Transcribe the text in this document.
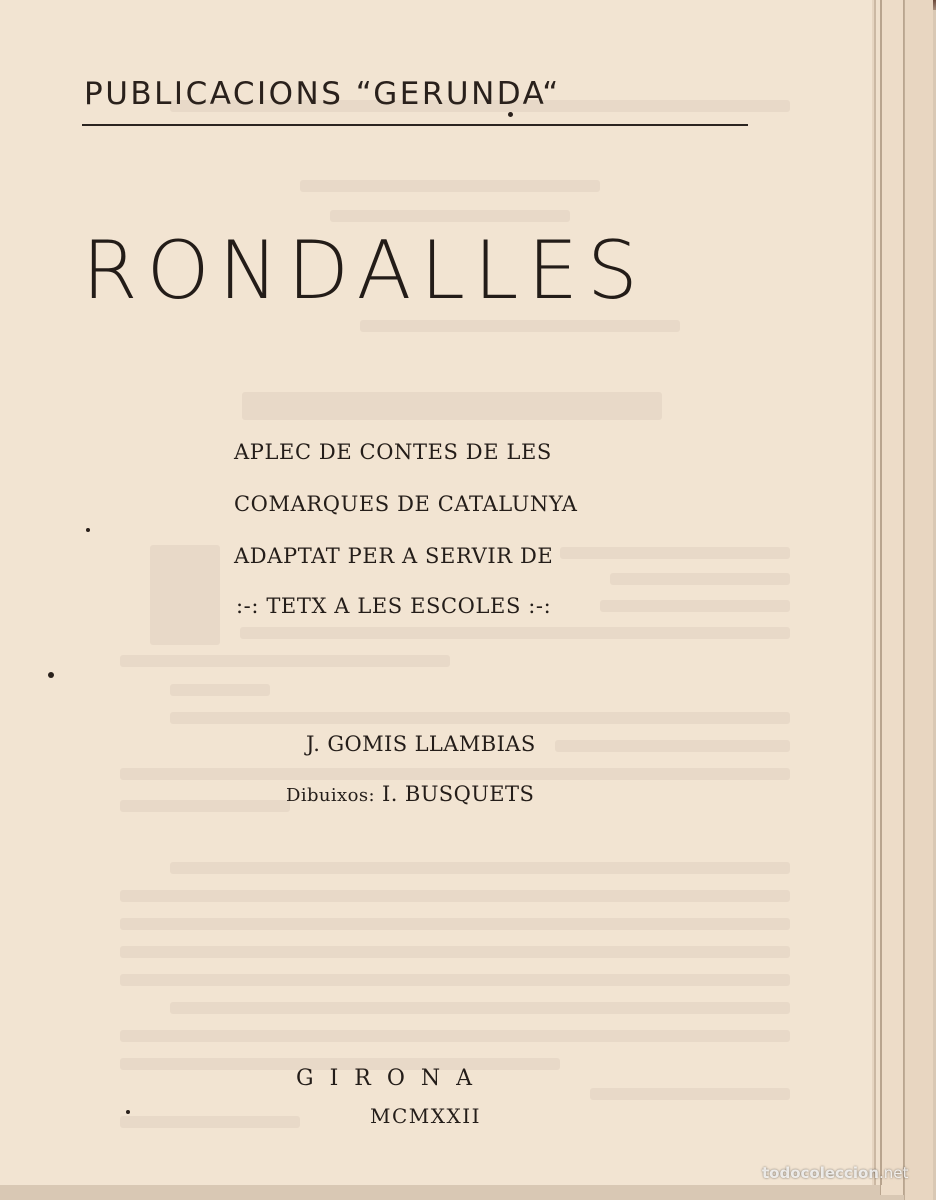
PUBLICACIONS “GERUNDA“
RONDALLES
APLEC DE CONTES DE LES
COMARQUES DE CATALUNYA
ADAPTAT PER A SERVIR DE
:-: TETX A LES ESCOLES :-:
J. GOMIS LLAMBIAS
Dibuixos: I. BUSQUETS
GIRONA
MCMXXII
todocoleccion.net
